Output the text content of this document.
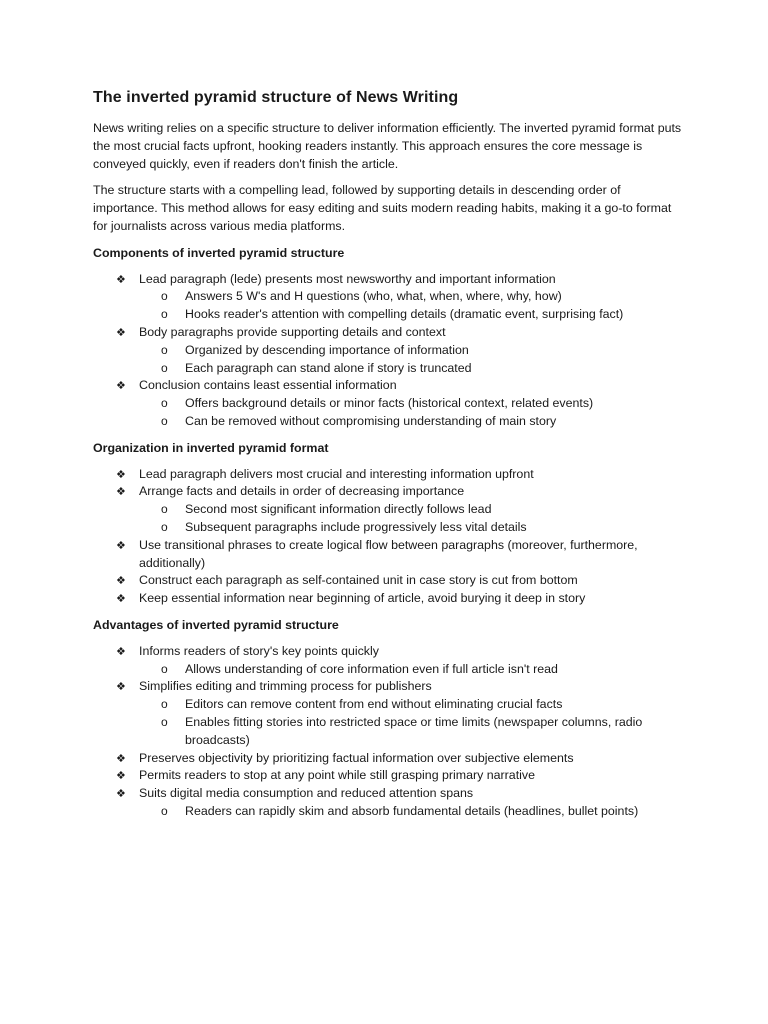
The inverted pyramid structure of News Writing

News writing relies on a specific structure to deliver information efficiently. The inverted pyramid format puts the most crucial facts upfront, hooking readers instantly. This approach ensures the core message is conveyed quickly, even if readers don't finish the article.

The structure starts with a compelling lead, followed by supporting details in descending order of importance. This method allows for easy editing and suits modern reading habits, making it a go-to format for journalists across various media platforms.

Components of inverted pyramid structure
❖ Lead paragraph (lede) presents most newsworthy and important information
o Answers 5 W's and H questions (who, what, when, where, why, how)
o Hooks reader's attention with compelling details (dramatic event, surprising fact)
❖ Body paragraphs provide supporting details and context
o Organized by descending importance of information
o Each paragraph can stand alone if story is truncated
❖ Conclusion contains least essential information
o Offers background details or minor facts (historical context, related events)
o Can be removed without compromising understanding of main story
Organization in inverted pyramid format
❖ Lead paragraph delivers most crucial and interesting information upfront
❖ Arrange facts and details in order of decreasing importance
o Second most significant information directly follows lead
o Subsequent paragraphs include progressively less vital details
❖ Use transitional phrases to create logical flow between paragraphs (moreover, furthermore, additionally)
❖ Construct each paragraph as self-contained unit in case story is cut from bottom
❖ Keep essential information near beginning of article, avoid burying it deep in story
Advantages of inverted pyramid structure
❖ Informs readers of story's key points quickly
o Allows understanding of core information even if full article isn't read
❖ Simplifies editing and trimming process for publishers
o Editors can remove content from end without eliminating crucial facts
o Enables fitting stories into restricted space or time limits (newspaper columns, radio broadcasts)
❖ Preserves objectivity by prioritizing factual information over subjective elements
❖ Permits readers to stop at any point while still grasping primary narrative
❖ Suits digital media consumption and reduced attention spans
o Readers can rapidly skim and absorb fundamental details (headlines, bullet points)
